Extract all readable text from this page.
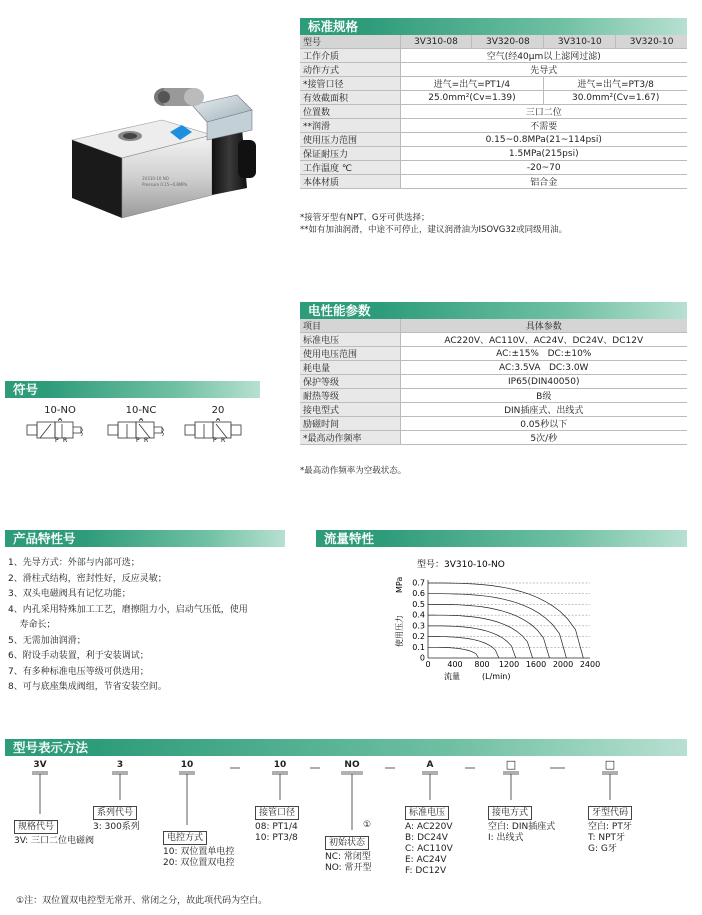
3V310-10 NO
Pressure 0.15~0.8MPa
标准规格
型号	3V310-08	3V320-08	3V310-10	3V320-10
工作介质	空气(经40μm以上滤网过滤)			
动作方式	先导式			
*接管口径	进气=出气=PT1/4		进气=出气=PT3/8	
有效截面积	25.0mm²(Cv=1.39)		30.0mm²(Cv=1.67)	
位置数	三口二位			
**润滑	不需要			
使用压力范围	0.15~0.8MPa(21~114psi)			
保证耐压力	1.5MPa(215psi)			
工作温度 ℃	-20~70			
本体材质	铝合金			
*接管牙型有NPT、G牙可供选择；
**如有加油润滑，中途不可停止，建议润滑油为ISOVG32或同级用油。
电性能参数
项目	具体参数
标准电压	AC220V、AC110V、AC24V、DC24V、DC12V
使用电压范围	AC:±15%   DC:±10%
耗电量	AC:3.5VA   DC:3.0W
保护等级	IP65(DIN40050)
耐热等级	B级
接电型式	DIN插座式、出线式
励磁时间	0.05秒以下
*最高动作频率	5次/秒
*最高动作频率为空载状态。
符号
10-NO
A
P R
10-NC
A
P R
20
A
P R
产品特性号
1、先导方式：外部与内部可选；
2、滑柱式结构，密封性好，反应灵敏；
3、双头电磁阀具有记忆功能；
4、内孔采用特殊加工工艺，磨擦阻力小，启动气压低，使用
寿命长；
5、无需加油润滑；
6、附设手动装置，利于安装调试；
7、有多种标准电压等级可供选用；
8、可与底座集成阀组，节省安装空间。
流量特性
型号：3V310-10-NO
MPa
使用压力
流量	(L/min)
0.7
0.6
0.5
0.4
0.3
0.2
0.1
0
0 400 800 1200 1600 2000 2400
型号表示方法
3V	3	10	10	NO	A	□	□
规格代号
3V: 三口二位电磁阀
系列代号
3: 300系列
电控方式
10: 双位置单电控
20: 双位置双电控
接管口径
08: PT1/4
10: PT3/8
①
初始状态
NC: 常闭型
NO: 常开型
标准电压
A: AC220V
B: DC24V
C: AC110V
E: AC24V
F: DC12V
接电方式
空白: DIN插座式
I: 出线式
牙型代码
空白: PT牙
T: NPT牙
G: G牙
①注：双位置双电控型无常开、常闭之分，故此项代码为空白。
